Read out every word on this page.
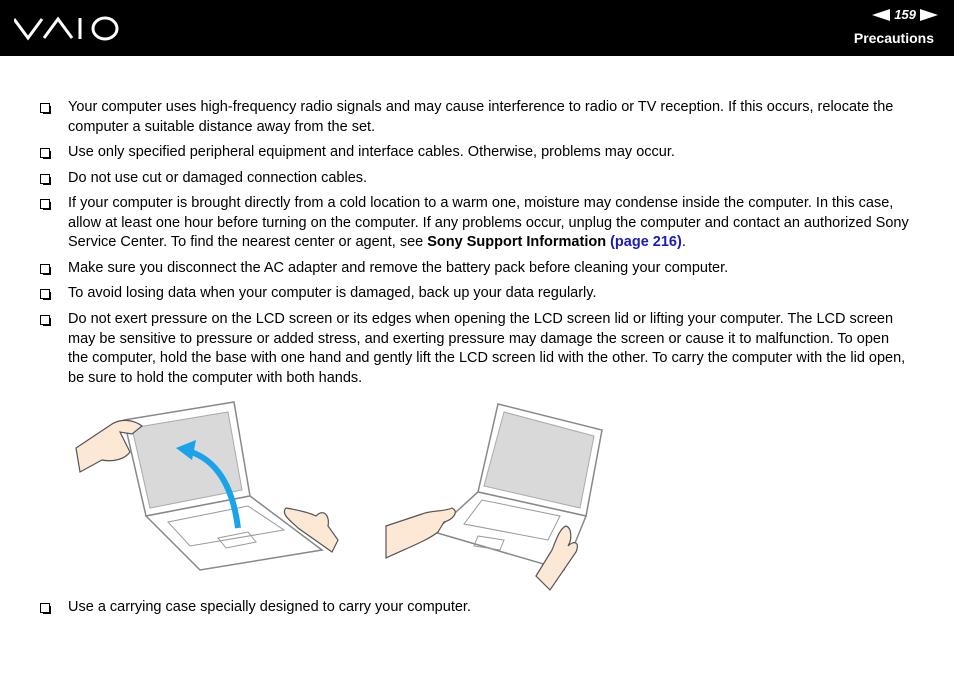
159
Precautions
Your computer uses high-frequency radio signals and may cause interference to radio or TV reception. If this occurs, relocate the computer a suitable distance away from the set.
Use only specified peripheral equipment and interface cables. Otherwise, problems may occur.
Do not use cut or damaged connection cables.
If your computer is brought directly from a cold location to a warm one, moisture may condense inside the computer. In this case, allow at least one hour before turning on the computer. If any problems occur, unplug the computer and contact an authorized Sony Service Center. To find the nearest center or agent, see Sony Support Information (page 216).
Make sure you disconnect the AC adapter and remove the battery pack before cleaning your computer.
To avoid losing data when your computer is damaged, back up your data regularly.
Do not exert pressure on the LCD screen or its edges when opening the LCD screen lid or lifting your computer. The LCD screen may be sensitive to pressure or added stress, and exerting pressure may damage the screen or cause it to malfunction. To open the computer, hold the base with one hand and gently lift the LCD screen lid with the other. To carry the computer with the lid open, be sure to hold the computer with both hands.
Use a carrying case specially designed to carry your computer.
